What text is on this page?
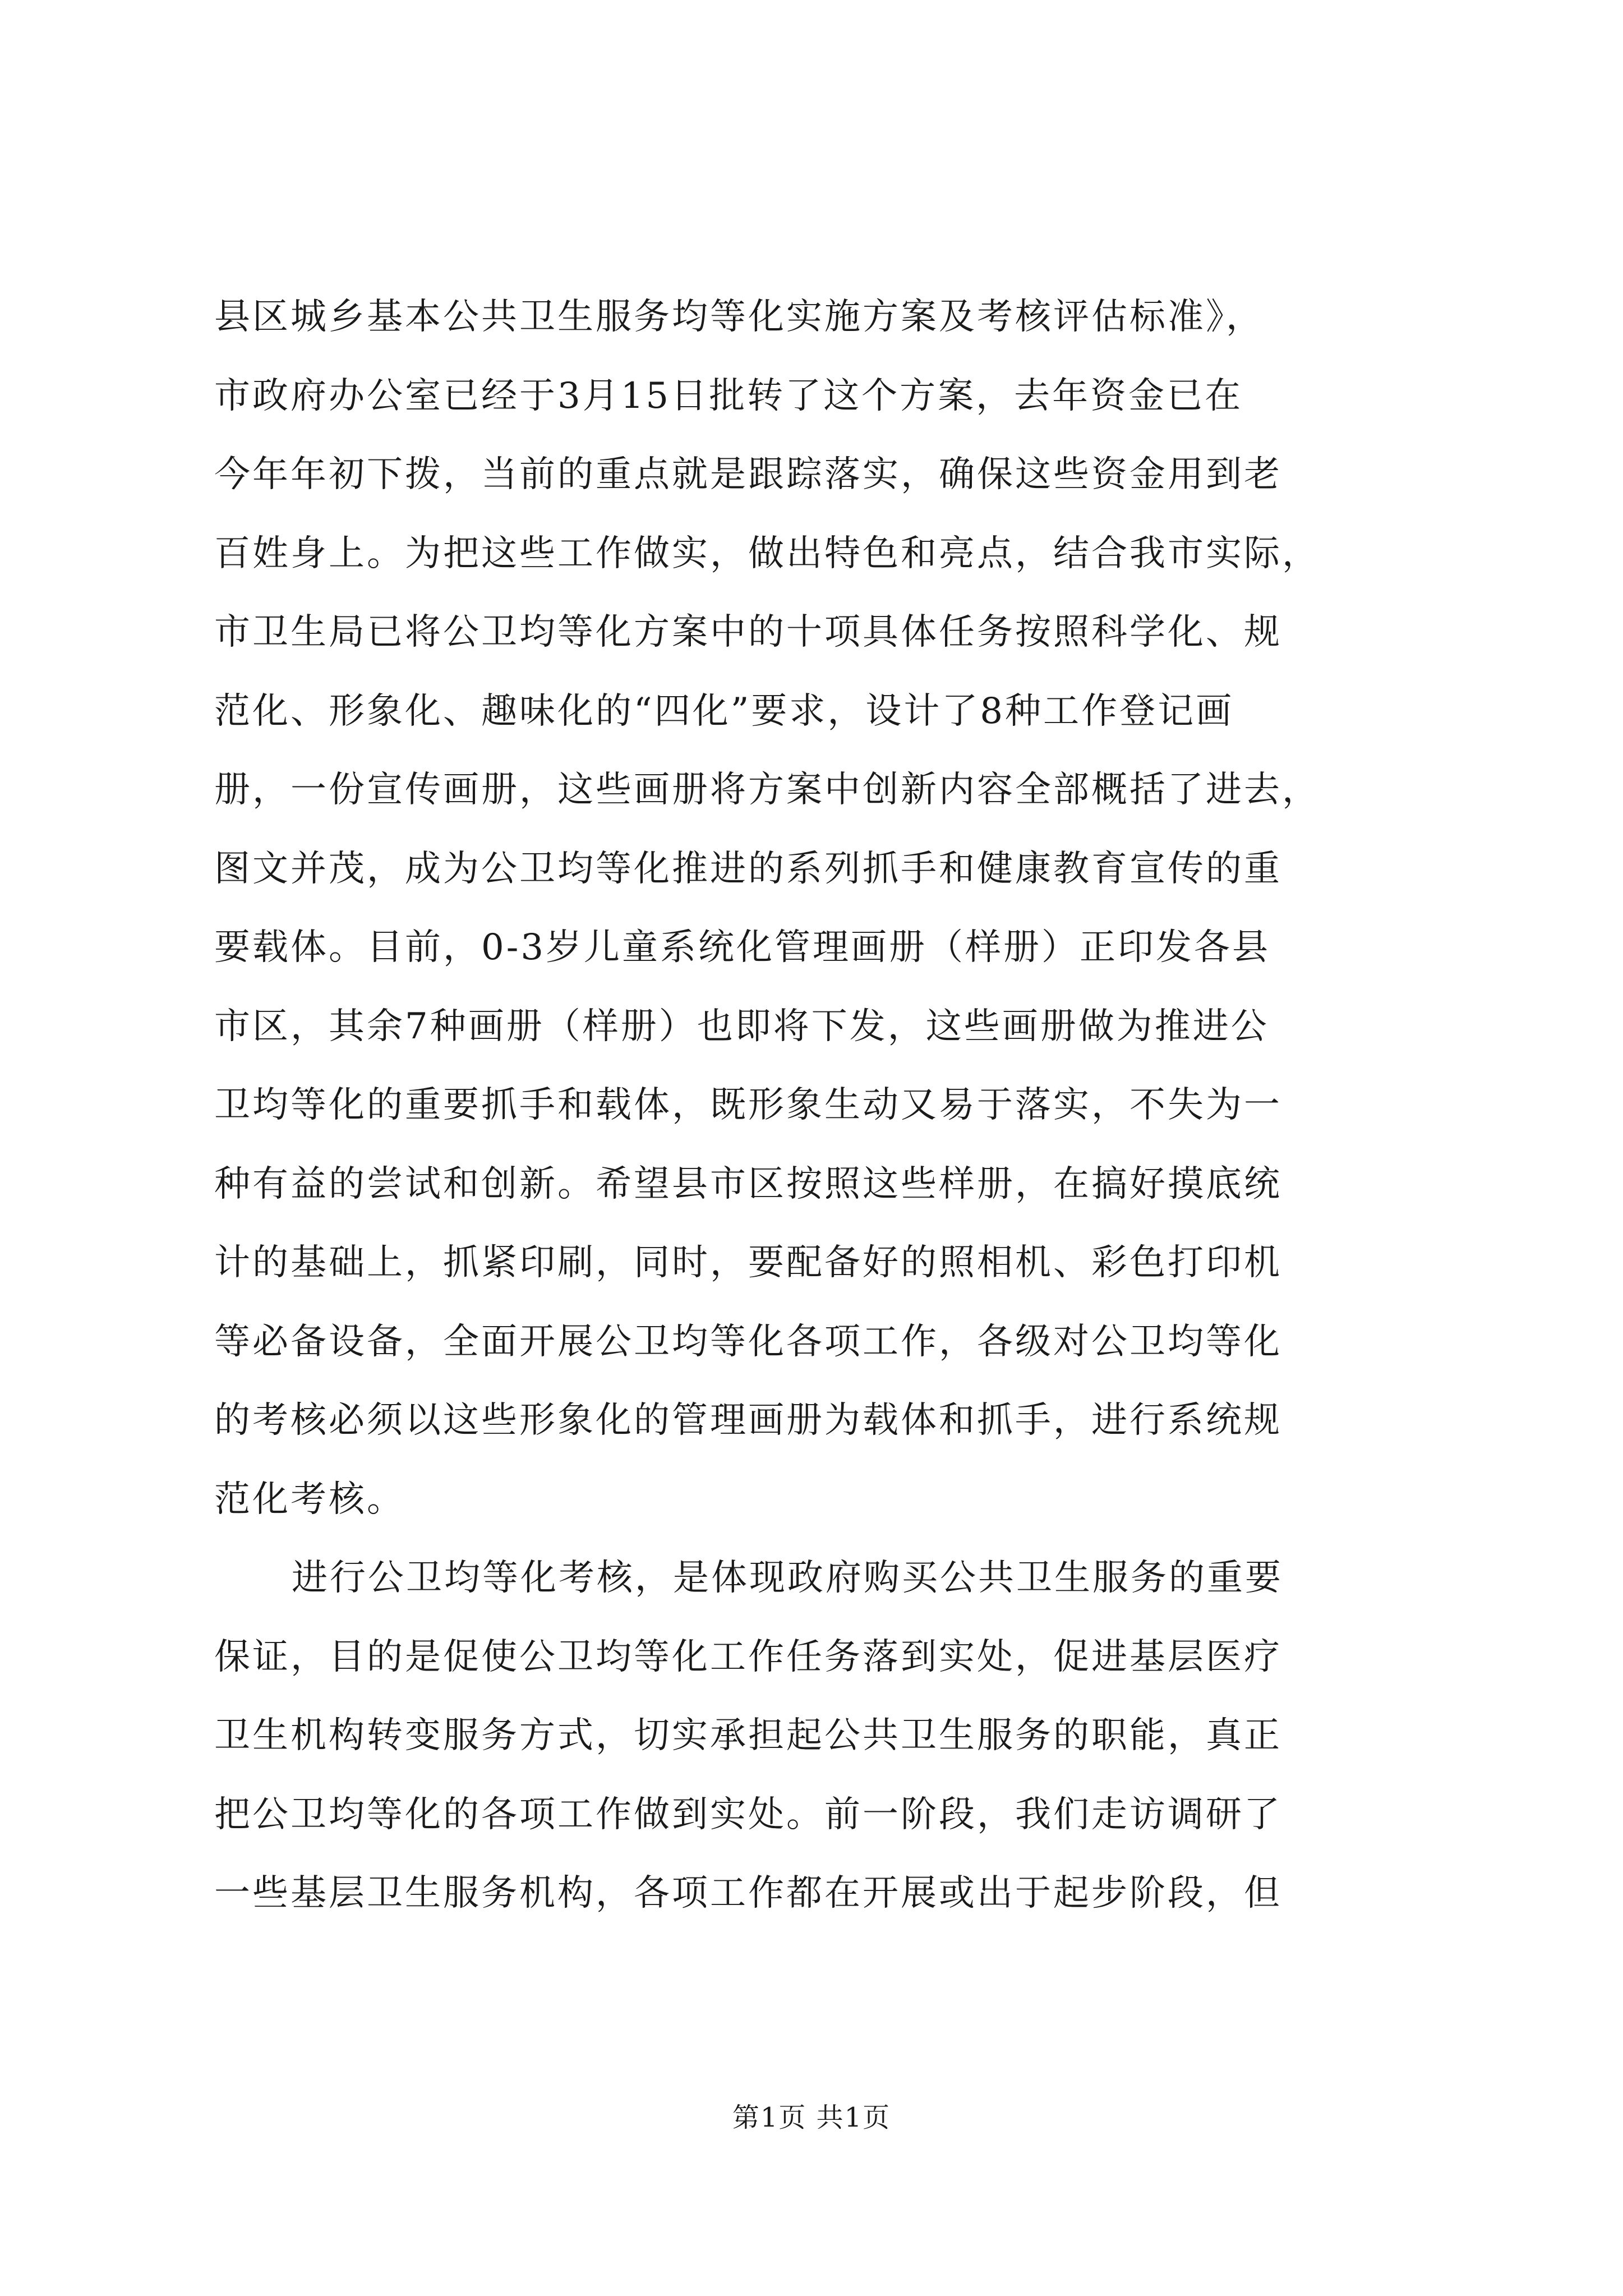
县区城乡基本公共卫生服务均等化实施方案及考核评估标准》，
市政府办公室已经于3月15日批转了这个方案，去年资金已在
今年年初下拨，当前的重点就是跟踪落实，确保这些资金用到老
百姓身上。为把这些工作做实，做出特色和亮点，结合我市实际，
市卫生局已将公卫均等化方案中的十项具体任务按照科学化、规
范化、形象化、趣味化的“四化”要求，设计了8种工作登记画
册，一份宣传画册，这些画册将方案中创新内容全部概括了进去，
图文并茂，成为公卫均等化推进的系列抓手和健康教育宣传的重
要载体。目前，0-3岁儿童系统化管理画册（样册）正印发各县
市区，其余7种画册（样册）也即将下发，这些画册做为推进公
卫均等化的重要抓手和载体，既形象生动又易于落实，不失为一
种有益的尝试和创新。希望县市区按照这些样册，在搞好摸底统
计的基础上，抓紧印刷，同时，要配备好的照相机、彩色打印机
等必备设备，全面开展公卫均等化各项工作，各级对公卫均等化
的考核必须以这些形象化的管理画册为载体和抓手，进行系统规
范化考核。
进行公卫均等化考核，是体现政府购买公共卫生服务的重要
保证，目的是促使公卫均等化工作任务落到实处，促进基层医疗
卫生机构转变服务方式，切实承担起公共卫生服务的职能，真正
把公卫均等化的各项工作做到实处。前一阶段，我们走访调研了
一些基层卫生服务机构，各项工作都在开展或出于起步阶段，但
第1页 共1页
